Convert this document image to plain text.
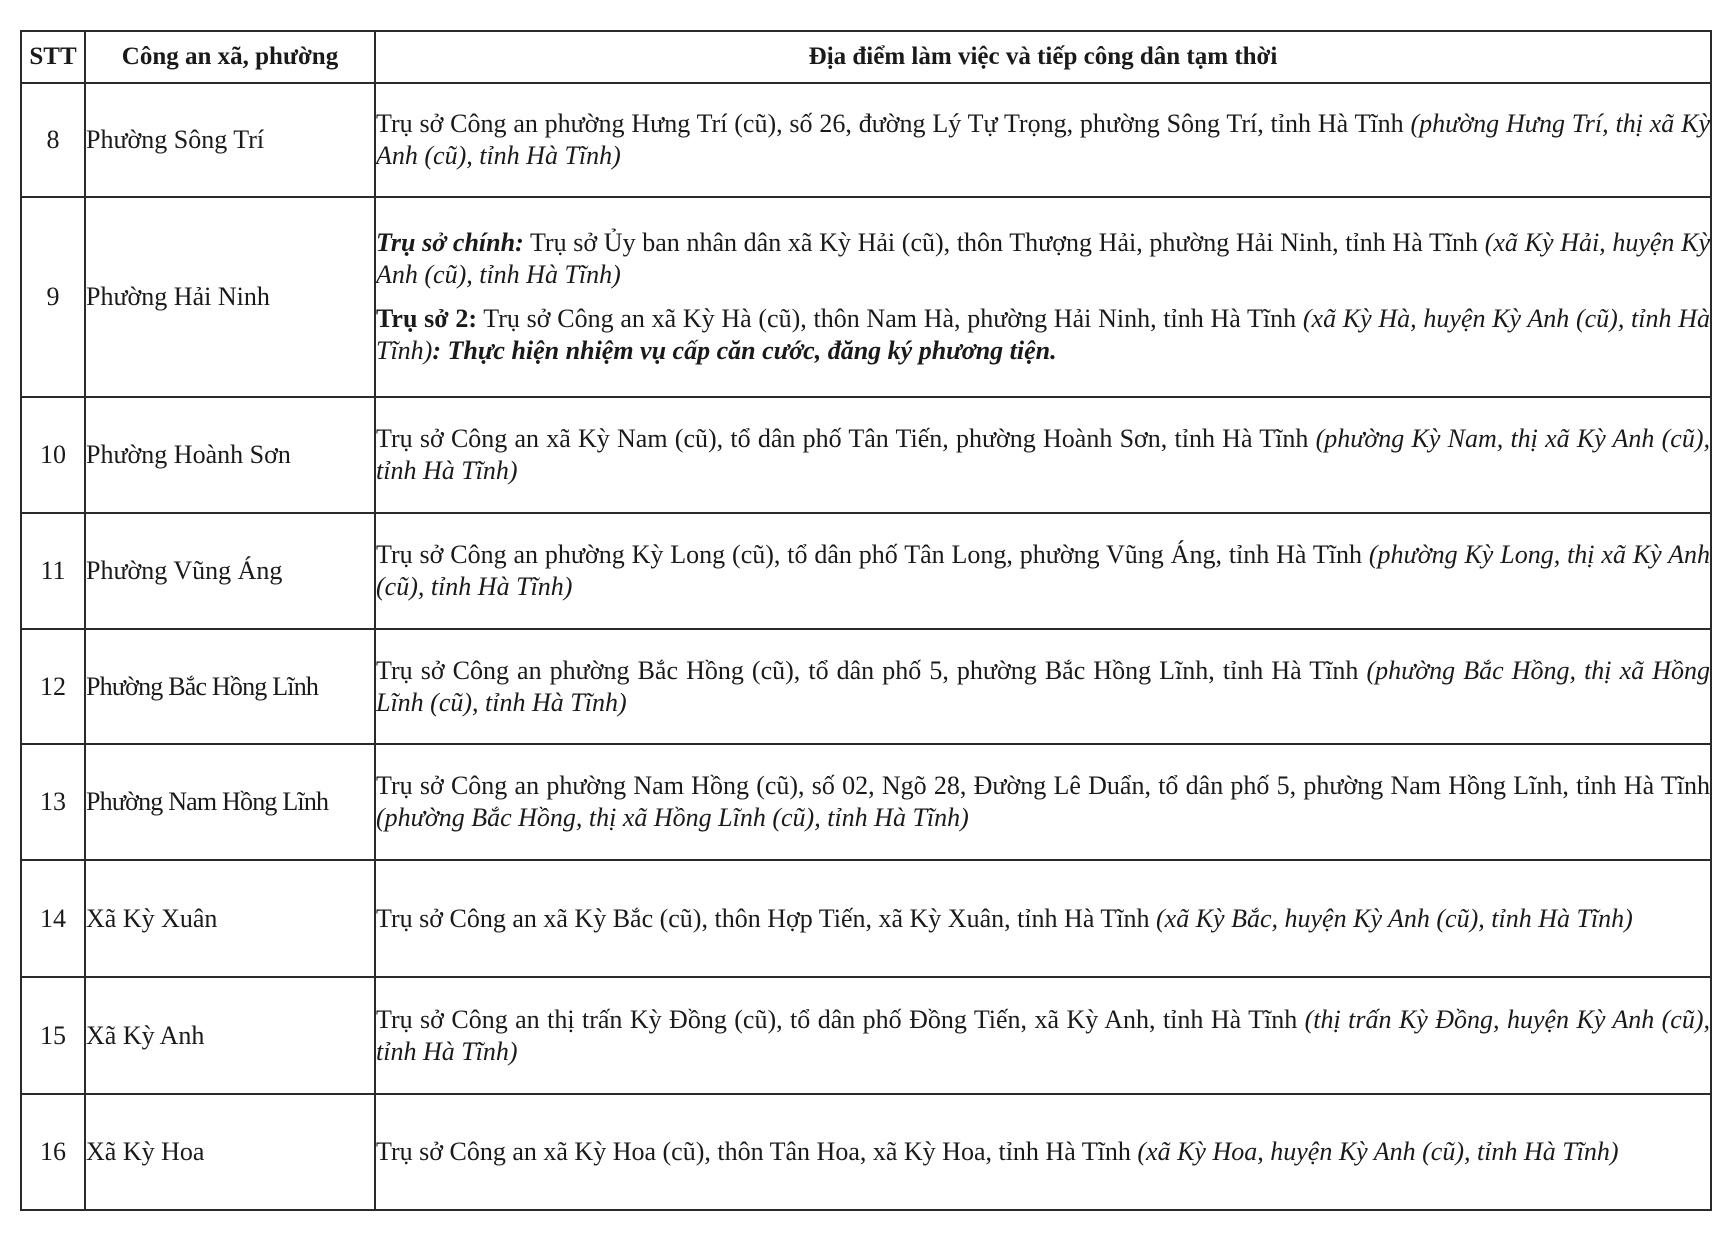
STT	Công an xã, phường	Địa điểm làm việc và tiếp công dân tạm thời
8	Phường Sông Trí	Trụ sở Công an phường Hưng Trí (cũ), số 26, đường Lý Tự Trọng, phường Sông Trí, tỉnh Hà Tĩnh (phường Hưng Trí, thị xã Kỳ Anh (cũ), tỉnh Hà Tĩnh)

9	Phường Hải Ninh	Trụ sở chính: Trụ sở Ủy ban nhân dân xã Kỳ Hải (cũ), thôn Thượng Hải, phường Hải Ninh, tỉnh Hà Tĩnh (xã Kỳ Hải, huyện Kỳ Anh (cũ), tỉnh Hà Tĩnh)

Trụ sở 2: Trụ sở Công an xã Kỳ Hà (cũ), thôn Nam Hà, phường Hải Ninh, tỉnh Hà Tĩnh (xã Kỳ Hà, huyện Kỳ Anh (cũ), tỉnh Hà Tĩnh): Thực hiện nhiệm vụ cấp căn cước, đăng ký phương tiện.

10	Phường Hoành Sơn	Trụ sở Công an xã Kỳ Nam (cũ), tổ dân phố Tân Tiến, phường Hoành Sơn, tỉnh Hà Tĩnh (phường Kỳ Nam, thị xã Kỳ Anh (cũ), tỉnh Hà Tĩnh)

11	Phường Vũng Áng	Trụ sở Công an phường Kỳ Long (cũ), tổ dân phố Tân Long, phường Vũng Áng, tỉnh Hà Tĩnh (phường Kỳ Long, thị xã Kỳ Anh (cũ), tỉnh Hà Tĩnh)

12	Phường Bắc Hồng Lĩnh	Trụ sở Công an phường Bắc Hồng (cũ), tổ dân phố 5, phường Bắc Hồng Lĩnh, tỉnh Hà Tĩnh (phường Bắc Hồng, thị xã Hồng Lĩnh (cũ), tỉnh Hà Tĩnh)

13	Phường Nam Hồng Lĩnh	Trụ sở Công an phường Nam Hồng (cũ), số 02, Ngõ 28, Đường Lê Duẩn, tổ dân phố 5, phường Nam Hồng Lĩnh, tỉnh Hà Tĩnh (phường Bắc Hồng, thị xã Hồng Lĩnh (cũ), tỉnh Hà Tĩnh)

14	Xã Kỳ Xuân	Trụ sở Công an xã Kỳ Bắc (cũ), thôn Hợp Tiến, xã Kỳ Xuân, tỉnh Hà Tĩnh (xã Kỳ Bắc, huyện Kỳ Anh (cũ), tỉnh Hà Tĩnh)

15	Xã Kỳ Anh	Trụ sở Công an thị trấn Kỳ Đồng (cũ), tổ dân phố Đồng Tiến, xã Kỳ Anh, tỉnh Hà Tĩnh (thị trấn Kỳ Đồng, huyện Kỳ Anh (cũ), tỉnh Hà Tĩnh)

16	Xã Kỳ Hoa	Trụ sở Công an xã Kỳ Hoa (cũ), thôn Tân Hoa, xã Kỳ Hoa, tỉnh Hà Tĩnh (xã Kỳ Hoa, huyện Kỳ Anh (cũ), tỉnh Hà Tĩnh)
